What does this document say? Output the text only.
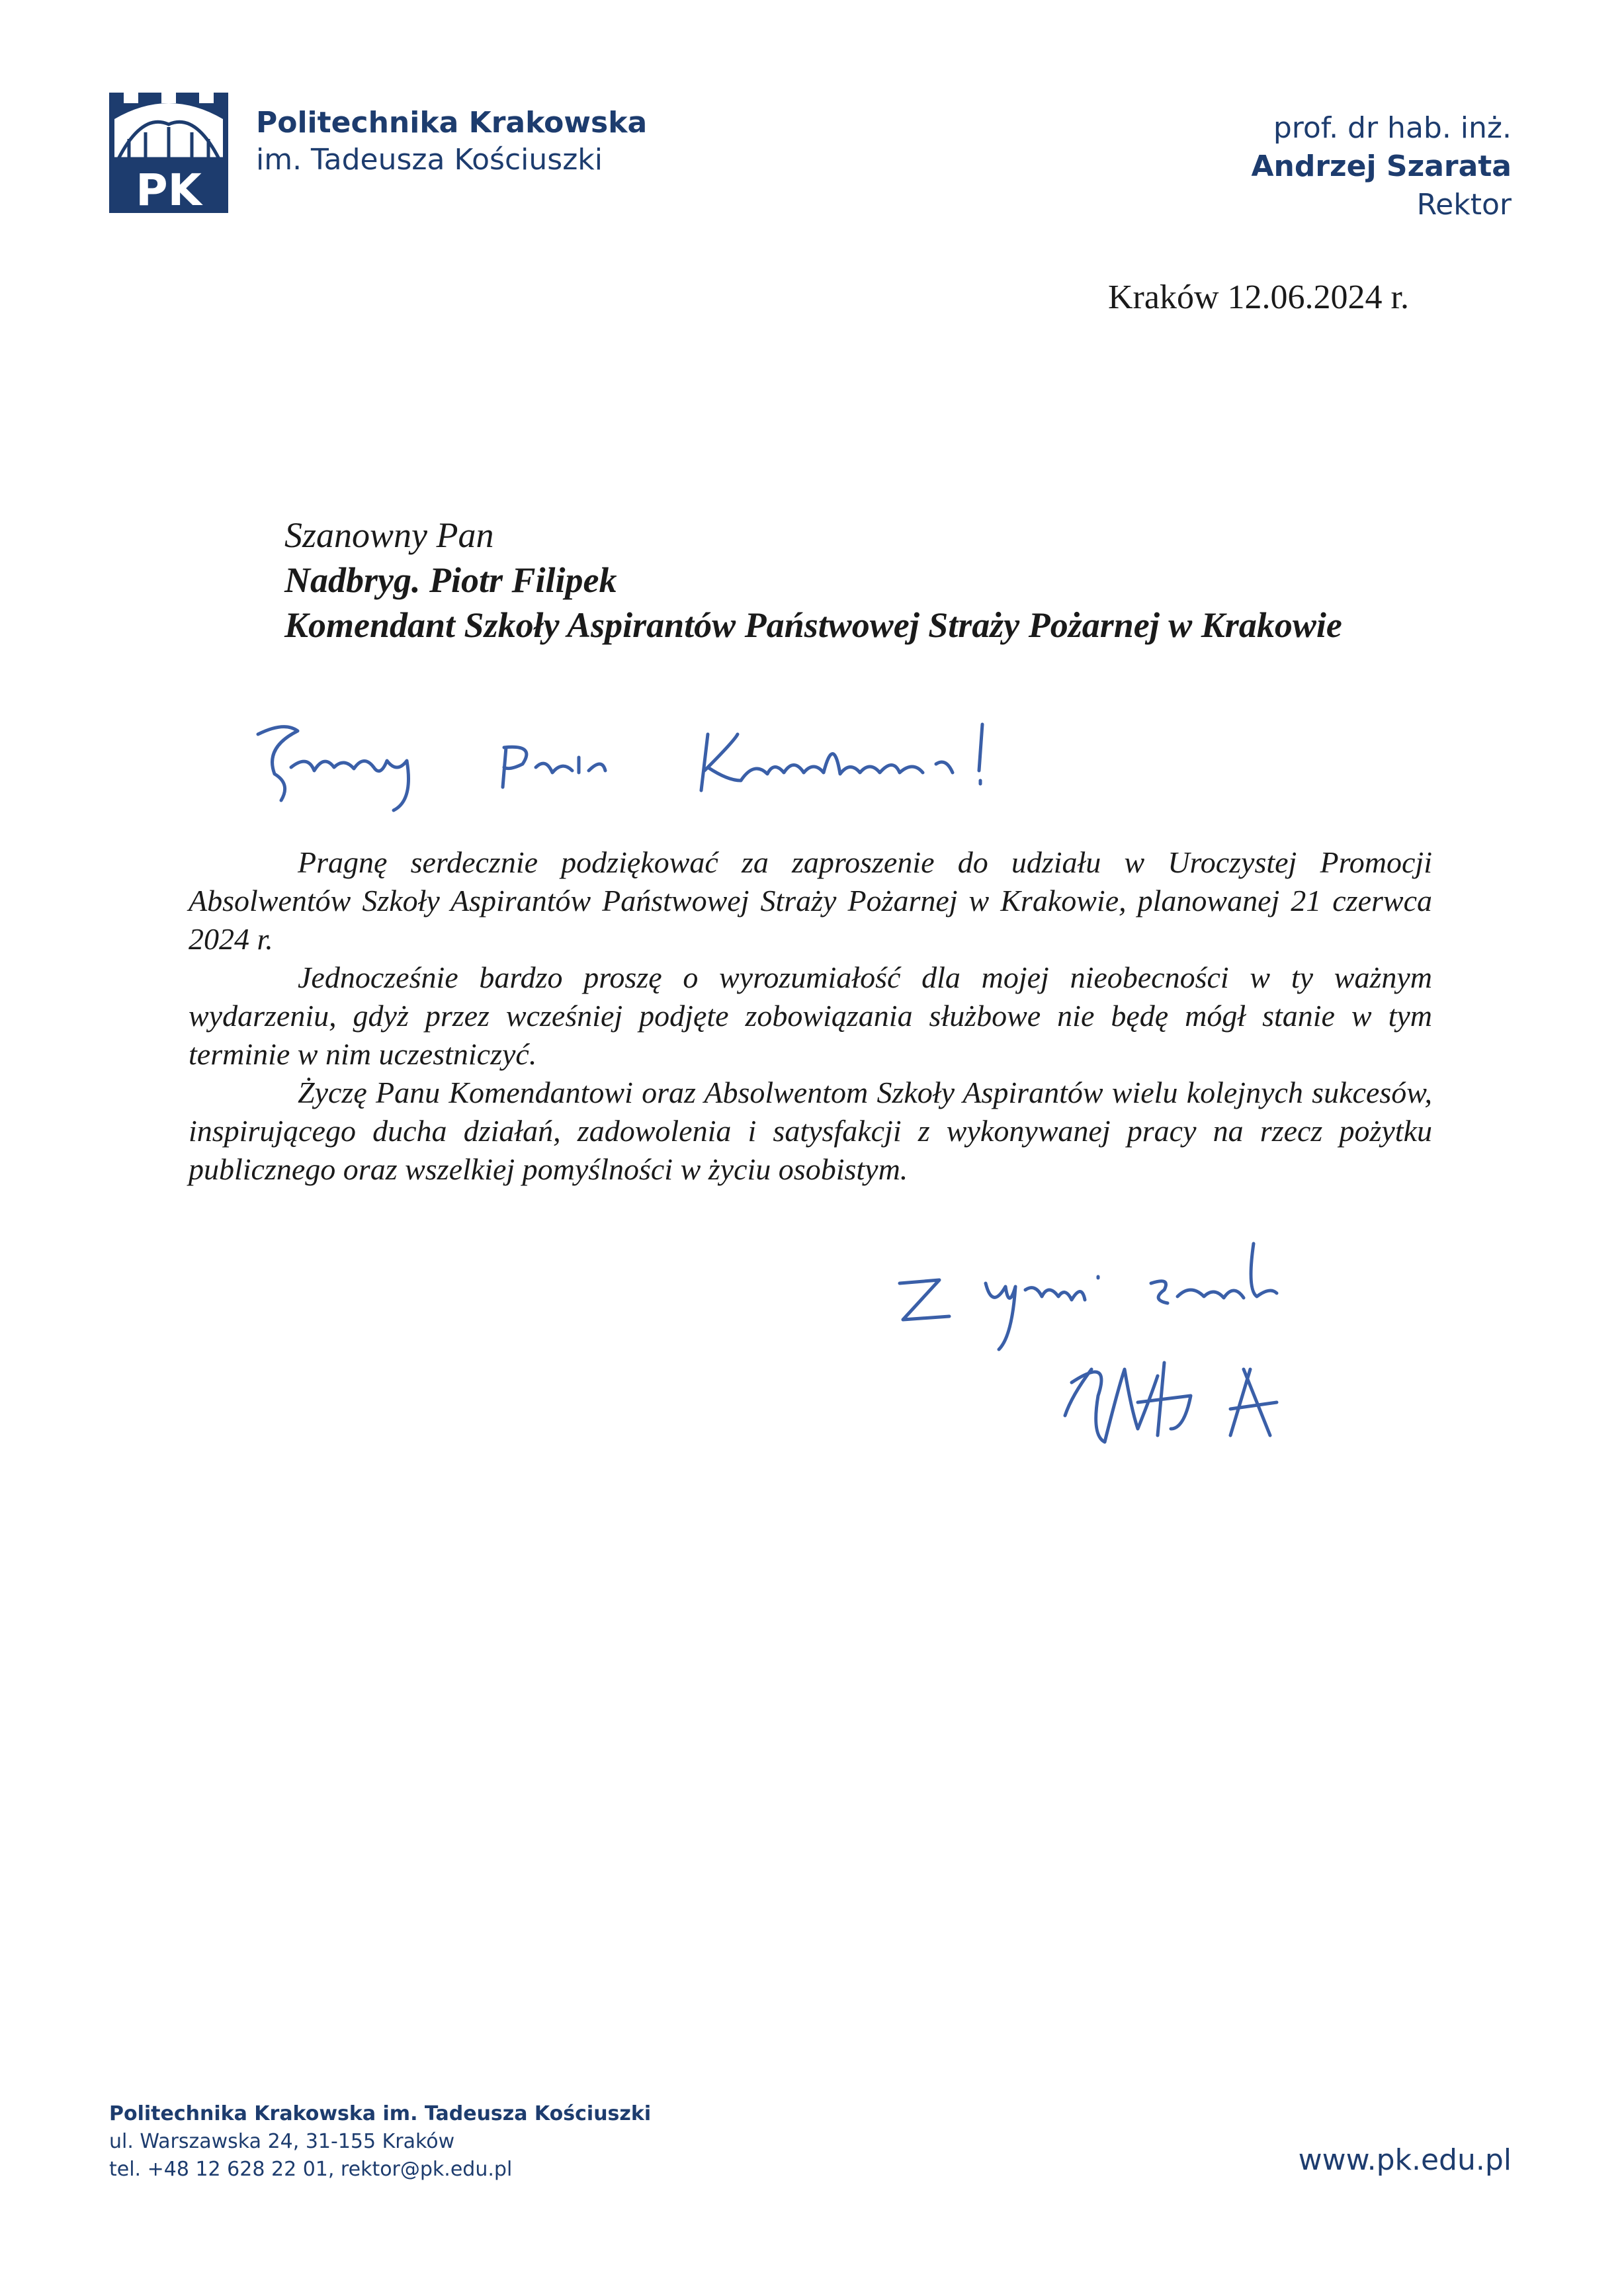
PK
Politechnika Krakowska
im. Tadeusza Kościuszki
prof. dr hab. inż.
Andrzej Szarata
Rektor
Kraków 12.06.2024 r.
Szanowny Pan
Nadbryg. Piotr Filipek
Komendant Szkoły Aspirantów Państwowej Straży Pożarnej w Krakowie

Pragnę serdecznie podziękować za zaproszenie do udziału w Uroczystej Promocji Absolwentów Szkoły Aspirantów Państwowej Straży Pożarnej w Krakowie, planowanej 21 czerwca 2024 r.

Jednocześnie bardzo proszę o wyrozumiałość dla mojej nieobecności w ty ważnym wydarzeniu, gdyż przez wcześniej podjęte zobowiązania służbowe nie będę mógł stanie w tym terminie w nim uczestniczyć.

Życzę Panu Komendantowi oraz Absolwentom Szkoły Aspirantów wielu kolejnych sukcesów, inspirującego ducha działań, zadowolenia i satysfakcji z wykonywanej pracy na rzecz pożytku publicznego oraz wszelkiej pomyślności w życiu osobistym.

Politechnika Krakowska im. Tadeusza Kościuszki
ul. Warszawska 24, 31-155 Kraków
tel. +48 12 628 22 01, rektor@pk.edu.pl	www.pk.edu.pl
